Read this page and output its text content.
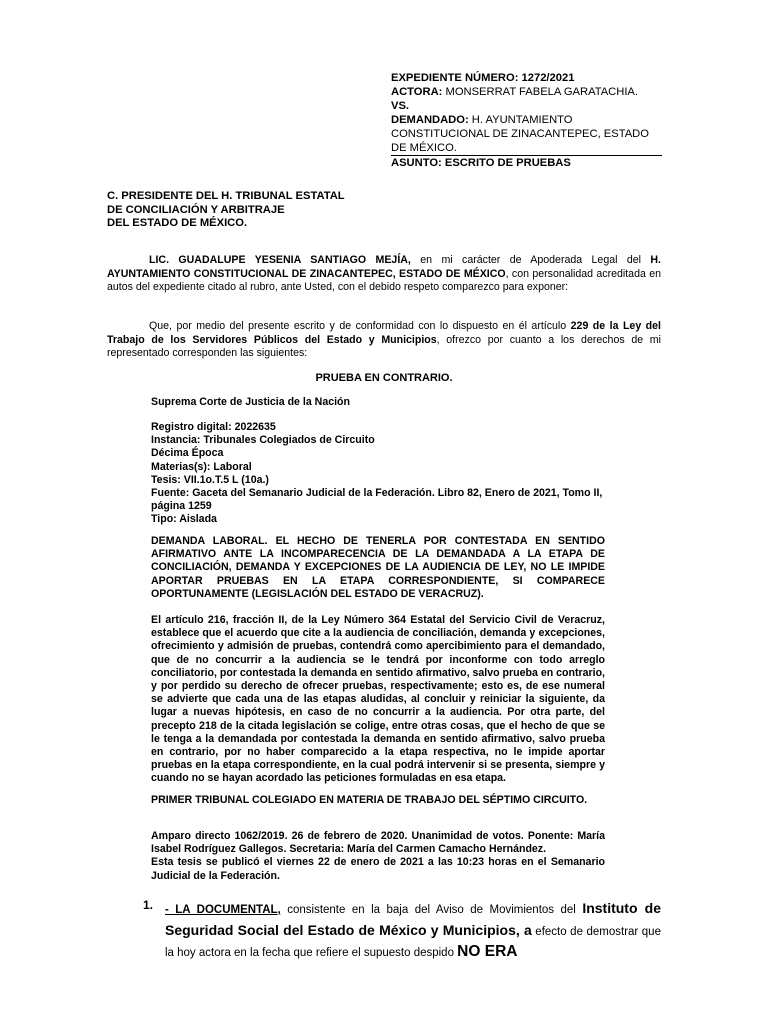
EXPEDIENTE NÚMERO: 1272/2021
ACTORA: MONSERRAT FABELA GARATACHIA.
VS.
DEMANDADO: H. AYUNTAMIENTO CONSTITUCIONAL DE ZINACANTEPEC, ESTADO DE MÉXICO.
ASUNTO: ESCRITO DE PRUEBAS
C. PRESIDENTE DEL H. TRIBUNAL ESTATAL
DE CONCILIACIÓN Y ARBITRAJE
DEL ESTADO DE MÉXICO.
LIC. GUADALUPE YESENIA SANTIAGO MEJÍA, en mi carácter de Apoderada Legal del H. AYUNTAMIENTO CONSTITUCIONAL DE ZINACANTEPEC, ESTADO DE MÉXICO, con personalidad acreditada en autos del expediente citado al rubro, ante Usted, con el debido respeto comparezco para exponer:
Que, por medio del presente escrito y de conformidad con lo dispuesto en él artículo 229 de la Ley del Trabajo de los Servidores Públicos del Estado y Municipios, ofrezco por cuanto a los derechos de mi representado corresponden las siguientes:
PRUEBA EN CONTRARIO.
Suprema Corte de Justicia de la Nación
Registro digital: 2022635
Instancia: Tribunales Colegiados de Circuito
Décima Época
Materias(s): Laboral
Tesis: VII.1o.T.5 L (10a.)
Fuente: Gaceta del Semanario Judicial de la Federación. Libro 82, Enero de 2021, Tomo II, página 1259
Tipo: Aislada
DEMANDA LABORAL. EL HECHO DE TENERLA POR CONTESTADA EN SENTIDO AFIRMATIVO ANTE LA INCOMPARECENCIA DE LA DEMANDADA A LA ETAPA DE CONCILIACIÓN, DEMANDA Y EXCEPCIONES DE LA AUDIENCIA DE LEY, NO LE IMPIDE APORTAR PRUEBAS EN LA ETAPA CORRESPONDIENTE, SI COMPARECE OPORTUNAMENTE (LEGISLACIÓN DEL ESTADO DE VERACRUZ).
El artículo 216, fracción II, de la Ley Número 364 Estatal del Servicio Civil de Veracruz, establece que el acuerdo que cite a la audiencia de conciliación, demanda y excepciones, ofrecimiento y admisión de pruebas, contendrá como apercibimiento para el demandado, que de no concurrir a la audiencia se le tendrá por inconforme con todo arreglo conciliatorio, por contestada la demanda en sentido afirmativo, salvo prueba en contrario, y por perdido su derecho de ofrecer pruebas, respectivamente; esto es, de ese numeral se advierte que cada una de las etapas aludidas, al concluir y reiniciar la siguiente, da lugar a nuevas hipótesis, en caso de no concurrir a la audiencia. Por otra parte, del precepto 218 de la citada legislación se colige, entre otras cosas, que el hecho de que se le tenga a la demandada por contestada la demanda en sentido afirmativo, salvo prueba en contrario, por no haber comparecido a la etapa respectiva, no le impide aportar pruebas en la etapa correspondiente, en la cual podrá intervenir si se presenta, siempre y cuando no se hayan acordado las peticiones formuladas en esa etapa.
PRIMER TRIBUNAL COLEGIADO EN MATERIA DE TRABAJO DEL SÉPTIMO CIRCUITO.
Amparo directo 1062/2019. 26 de febrero de 2020. Unanimidad de votos. Ponente: María Isabel Rodríguez Gallegos. Secretaria: María del Carmen Camacho Hernández.
Esta tesis se publicó el viernes 22 de enero de 2021 a las 10:23 horas en el Semanario Judicial de la Federación.
1. - LA DOCUMENTAL, consistente en la baja del Aviso de Movimientos del Instituto de Seguridad Social del Estado de México y Municipios, a efecto de demostrar que la hoy actora en la fecha que refiere el supuesto despido NO ERA
